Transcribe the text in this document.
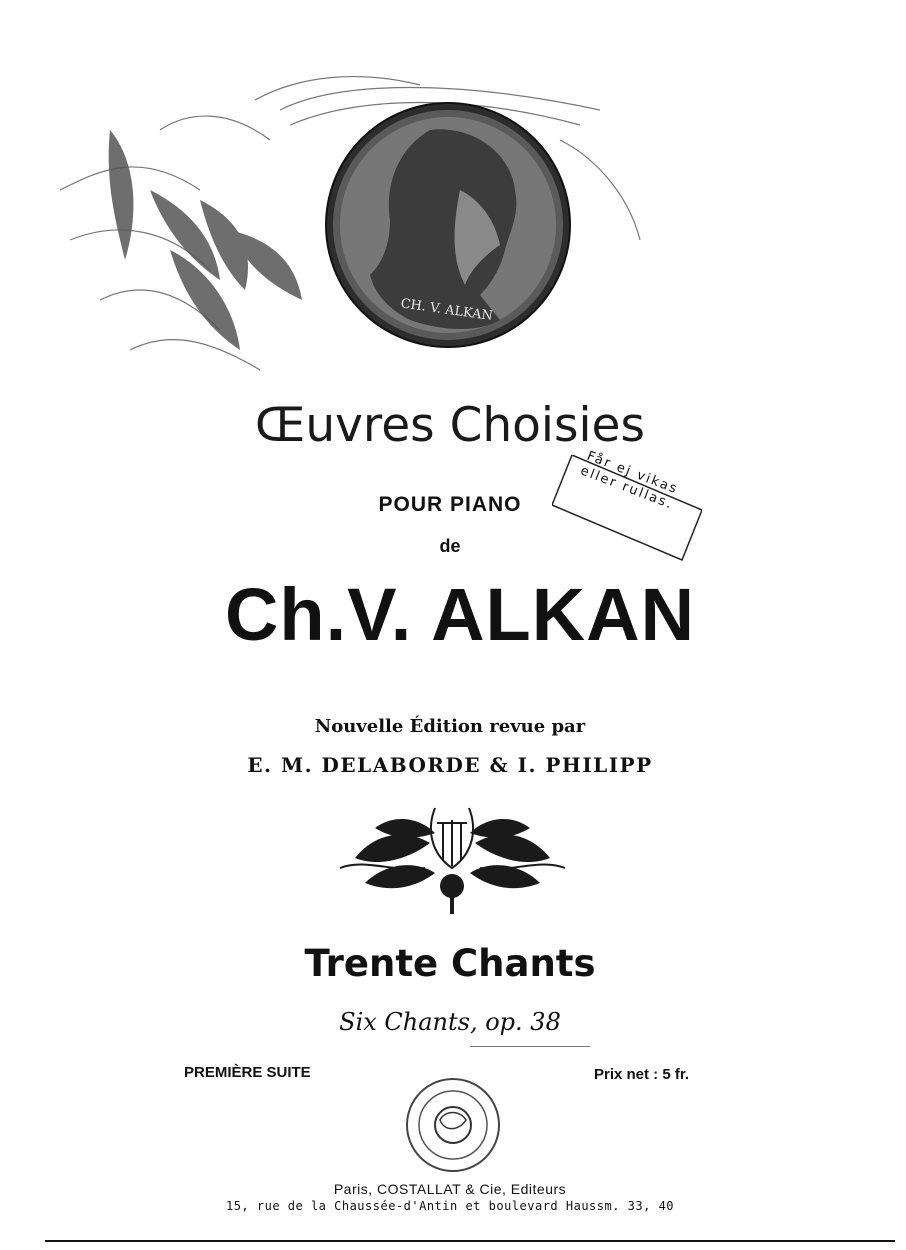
CH. V. ALKAN
Œuvres Choisies
POUR PIANO
de
Får ej vikas eller rullas.
Ch.V. ALKAN
Nouvelle Édition revue par
E. M. DELABORDE & I. PHILIPP
Trente Chants
Six Chants, op. 38
PREMIÈRE SUITE	Prix net : 5 fr.
Paris, COSTALLAT & Cie, Editeurs
15, rue de la Chaussée-d'Antin et boulevard Haussm. 33, 40
